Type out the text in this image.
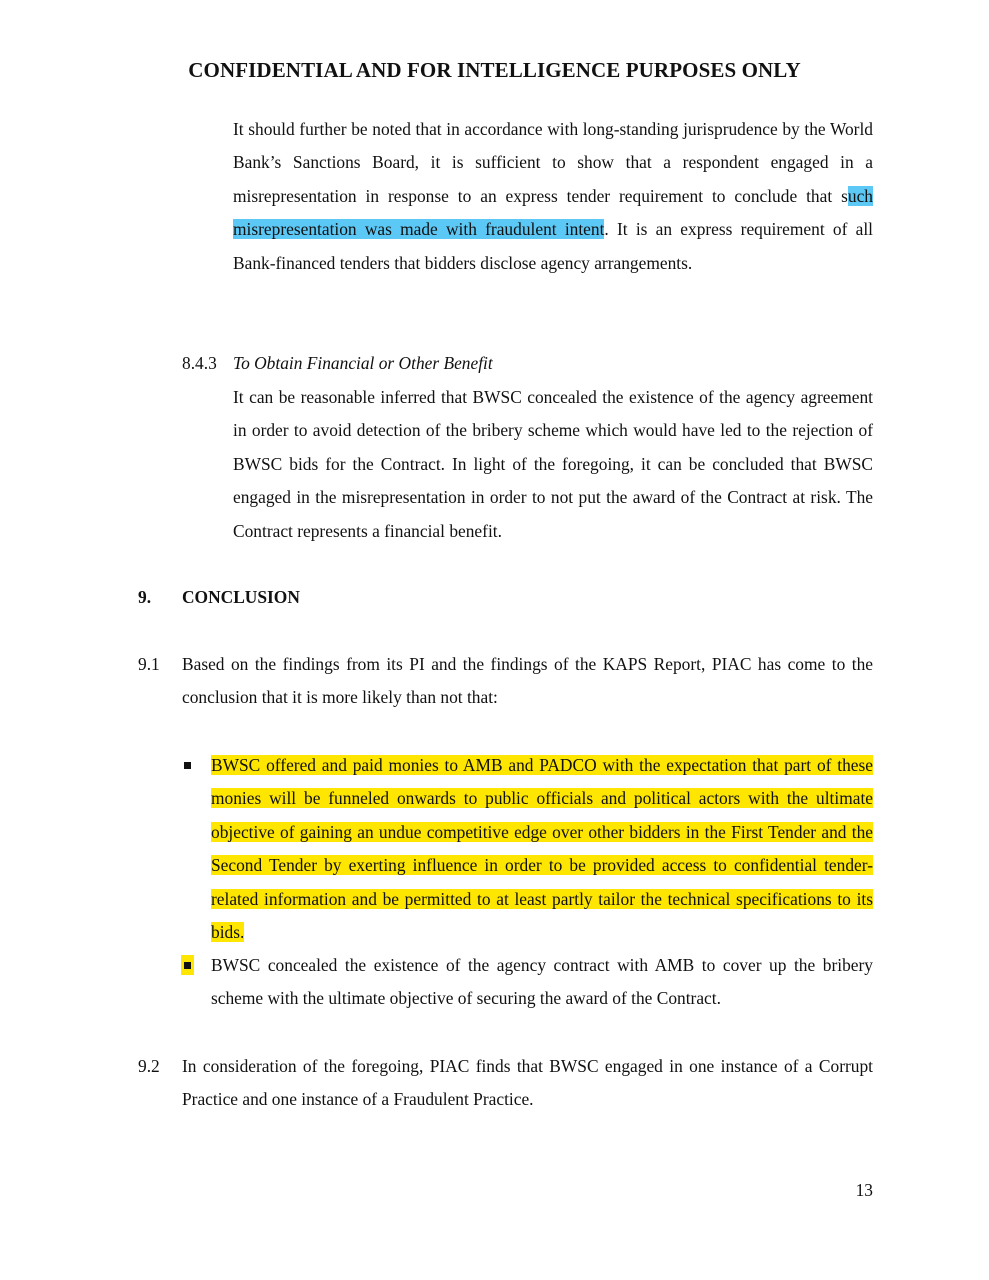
CONFIDENTIAL AND FOR INTELLIGENCE PURPOSES ONLY

It should further be noted that in accordance with long-standing jurisprudence by the World Bank’s Sanctions Board, it is sufficient to show that a respondent engaged in a misrepresentation in response to an express tender requirement to conclude that such misrepresentation was made with fraudulent intent. It is an express requirement of all Bank-financed tenders that bidders disclose agency arrangements.

8.4.3 To Obtain Financial or Other Benefit

It can be reasonable inferred that BWSC concealed the existence of the agency agreement in order to avoid detection of the bribery scheme which would have led to the rejection of BWSC bids for the Contract. In light of the foregoing, it can be concluded that BWSC engaged in the misrepresentation in order to not put the award of the Contract at risk. The Contract represents a financial benefit.

9. CONCLUSION
9.1 Based on the findings from its PI and the findings of the KAPS Report, PIAC has come to the conclusion that it is more likely than not that:

BWSC offered and paid monies to AMB and PADCO with the expectation that part of these monies will be funneled onwards to public officials and political actors with the ultimate objective of gaining an undue competitive edge over other bidders in the First Tender and the Second Tender by exerting influence in order to be provided access to confidential tender-related information and be permitted to at least partly tailor the technical specifications to its bids.

BWSC concealed the existence of the agency contract with AMB to cover up the bribery scheme with the ultimate objective of securing the award of the Contract.

9.2 In consideration of the foregoing, PIAC finds that BWSC engaged in one instance of a Corrupt Practice and one instance of a Fraudulent Practice.

13
